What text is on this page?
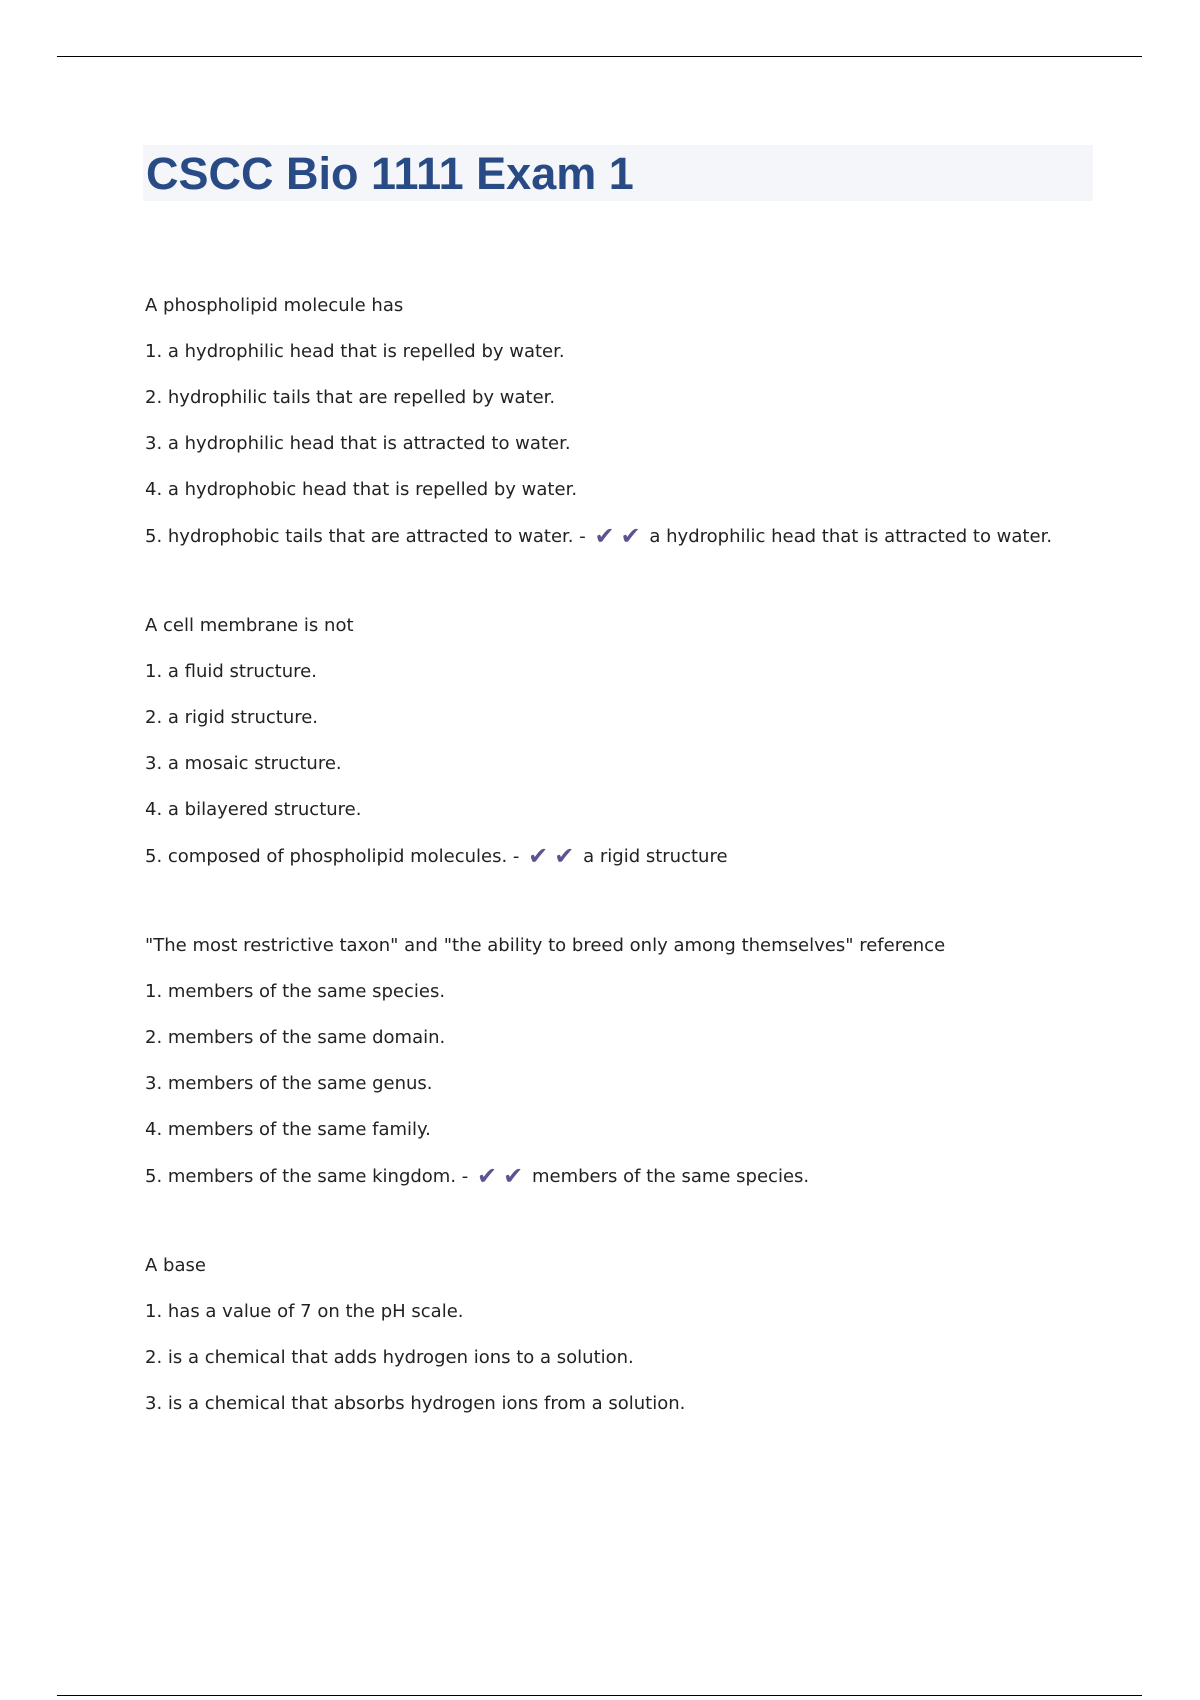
CSCC Bio 1111 Exam 1
A phospholipid molecule has
1. a hydrophilic head that is repelled by water.
2. hydrophilic tails that are repelled by water.
3. a hydrophilic head that is attracted to water.
4. a hydrophobic head that is repelled by water.
5. hydrophobic tails that are attracted to water. - ✔ ✔ a hydrophilic head that is attracted to water.
A cell membrane is not
1. a fluid structure.
2. a rigid structure.
3. a mosaic structure.
4. a bilayered structure.
5. composed of phospholipid molecules. - ✔ ✔ a rigid structure
"The most restrictive taxon" and "the ability to breed only among themselves" reference
1. members of the same species.
2. members of the same domain.
3. members of the same genus.
4. members of the same family.
5. members of the same kingdom. - ✔ ✔ members of the same species.
A base
1. has a value of 7 on the pH scale.
2. is a chemical that adds hydrogen ions to a solution.
3. is a chemical that absorbs hydrogen ions from a solution.
